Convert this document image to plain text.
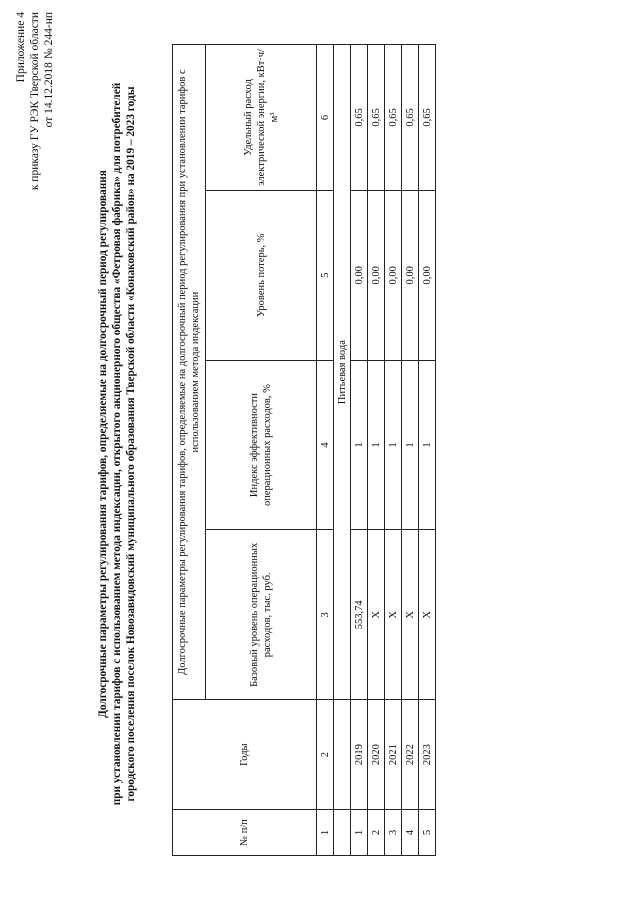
Приложение 4 к приказу ГУ РЭК Тверской области от 14.12.2018 № 244-нп
Долгосрочные параметры регулирования тарифов, определяемые на долгосрочный период регулирования при установлении тарифов с использованием метода индексации, открытого акционерного общества «Фетровая фабрика» для потребителей городского поселения поселок Новозавидовский муниципального образования Тверской области «Конаковский район» на 2019 – 2023 годы
№ п/п	Годы	Долгосрочные параметры регулирования тарифов, определяемые на долгосрочный период регулирования при установлении тарифов с использованием метода индексации			
		Базовый уровень операционных расходов, тыс. руб.	Индекс эффективности операционных расходов, %	Уровень потерь, %	Удельный расход электрической энергии, кВт·ч/м³
1	2	3	4	5	6
		Питьевая вода			
1	2019	553,74	1	0,00	0,65
2	2020	X	1	0,00	0,65
3	2021	X	1	0,00	0,65
4	2022	X	1	0,00	0,65
5	2023	X	1	0,00	0,65
